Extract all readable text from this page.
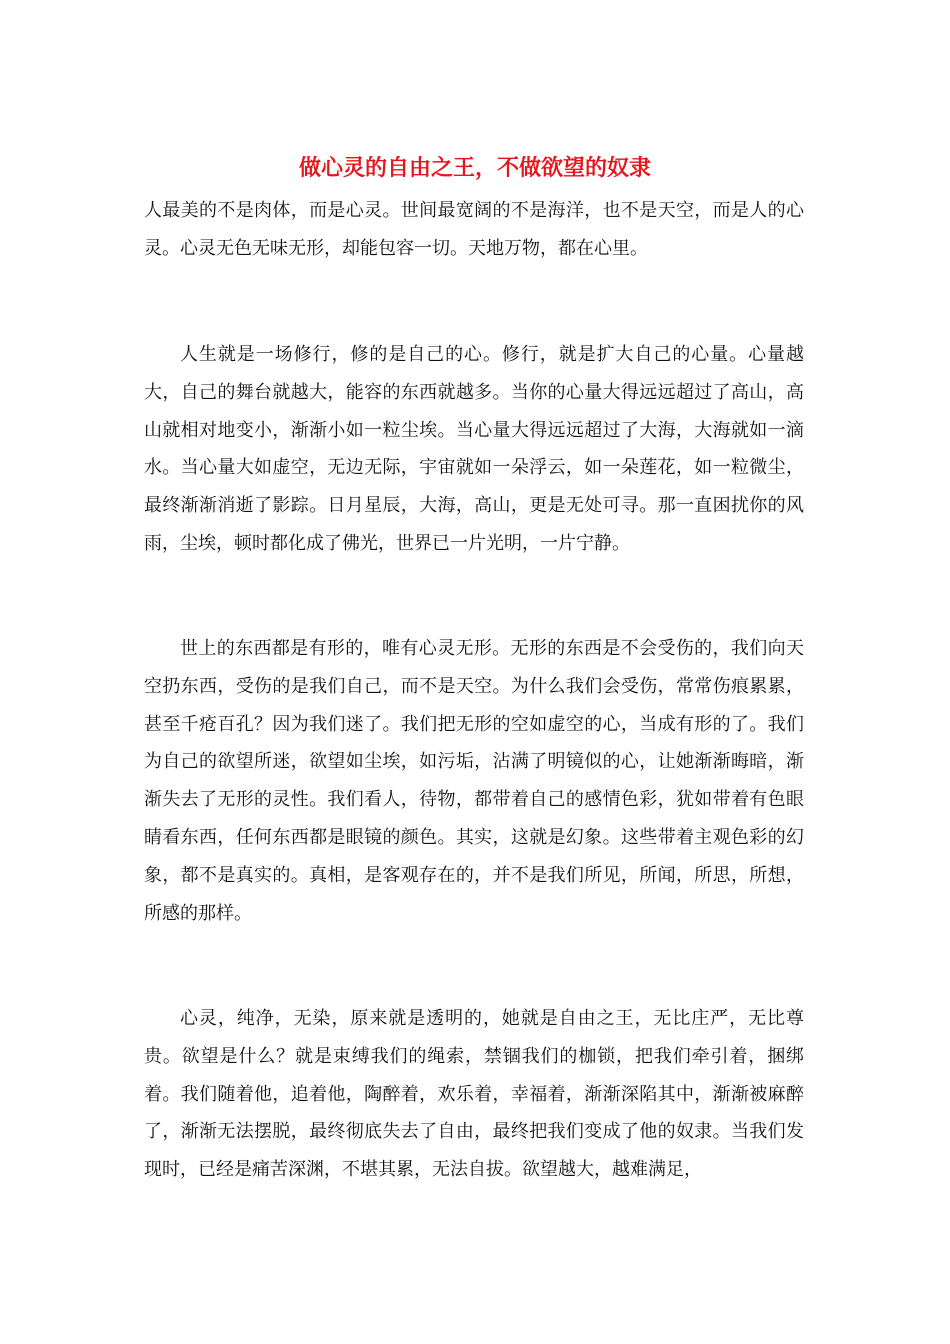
做心灵的自由之王，不做欲望的奴隶

人最美的不是肉体，而是心灵。世间最宽阔的不是海洋，也不是天空，而是人的心灵。心灵无色无味无形，却能包容一切。天地万物，都在心里。

人生就是一场修行，修的是自己的心。修行，就是扩大自己的心量。心量越大，自己的舞台就越大，能容的东西就越多。当你的心量大得远远超过了高山，高山就相对地变小，渐渐小如一粒尘埃。当心量大得远远超过了大海，大海就如一滴水。当心量大如虚空，无边无际，宇宙就如一朵浮云，如一朵莲花，如一粒微尘，最终渐渐消逝了影踪。日月星辰，大海，高山，更是无处可寻。那一直困扰你的风雨，尘埃，顿时都化成了佛光，世界已一片光明，一片宁静。

世上的东西都是有形的，唯有心灵无形。无形的东西是不会受伤的，我们向天空扔东西，受伤的是我们自己，而不是天空。为什么我们会受伤，常常伤痕累累，甚至千疮百孔？因为我们迷了。我们把无形的空如虚空的心，当成有形的了。我们为自己的欲望所迷，欲望如尘埃，如污垢，沾满了明镜似的心，让她渐渐晦暗，渐渐失去了无形的灵性。我们看人，待物，都带着自己的感情色彩，犹如带着有色眼睛看东西，任何东西都是眼镜的颜色。其实，这就是幻象。这些带着主观色彩的幻象，都不是真实的。真相，是客观存在的，并不是我们所见，所闻，所思，所想，所感的那样。

心灵，纯净，无染，原来就是透明的，她就是自由之王，无比庄严，无比尊贵。欲望是什么？就是束缚我们的绳索，禁锢我们的枷锁，把我们牵引着，捆绑着。我们随着他，追着他，陶醉着，欢乐着，幸福着，渐渐深陷其中，渐渐被麻醉了，渐渐无法摆脱，最终彻底失去了自由，最终把我们变成了他的奴隶。当我们发现时，已经是痛苦深渊，不堪其累，无法自拔。欲望越大，越难满足，
